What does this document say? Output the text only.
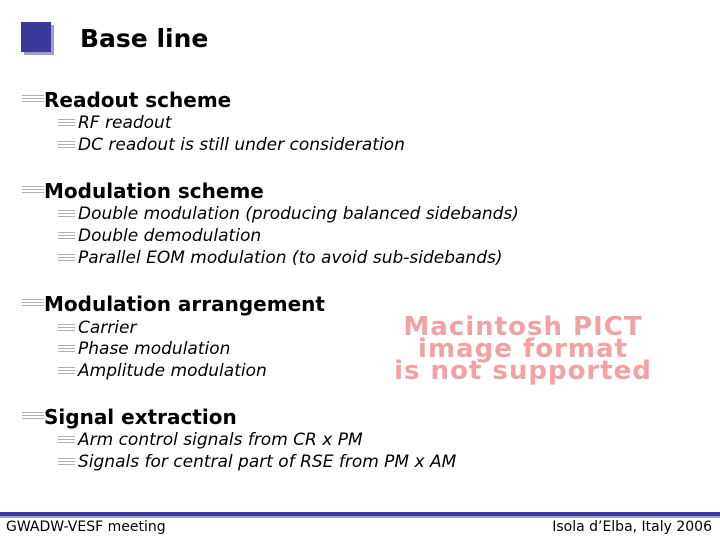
Base line
Readout scheme
RF readout
DC readout is still under consideration
Modulation scheme
Double modulation (producing balanced sidebands)
Double demodulation
Parallel EOM modulation (to avoid sub-sidebands)
Modulation arrangement
Carrier
Phase modulation
Amplitude modulation
Macintosh PICT
image format
is not supported
Signal extraction
Arm control signals from CR x PM
Signals for central part of RSE from PM x AM
GWADW-VESF meeting	Isola d’Elba, Italy 2006
